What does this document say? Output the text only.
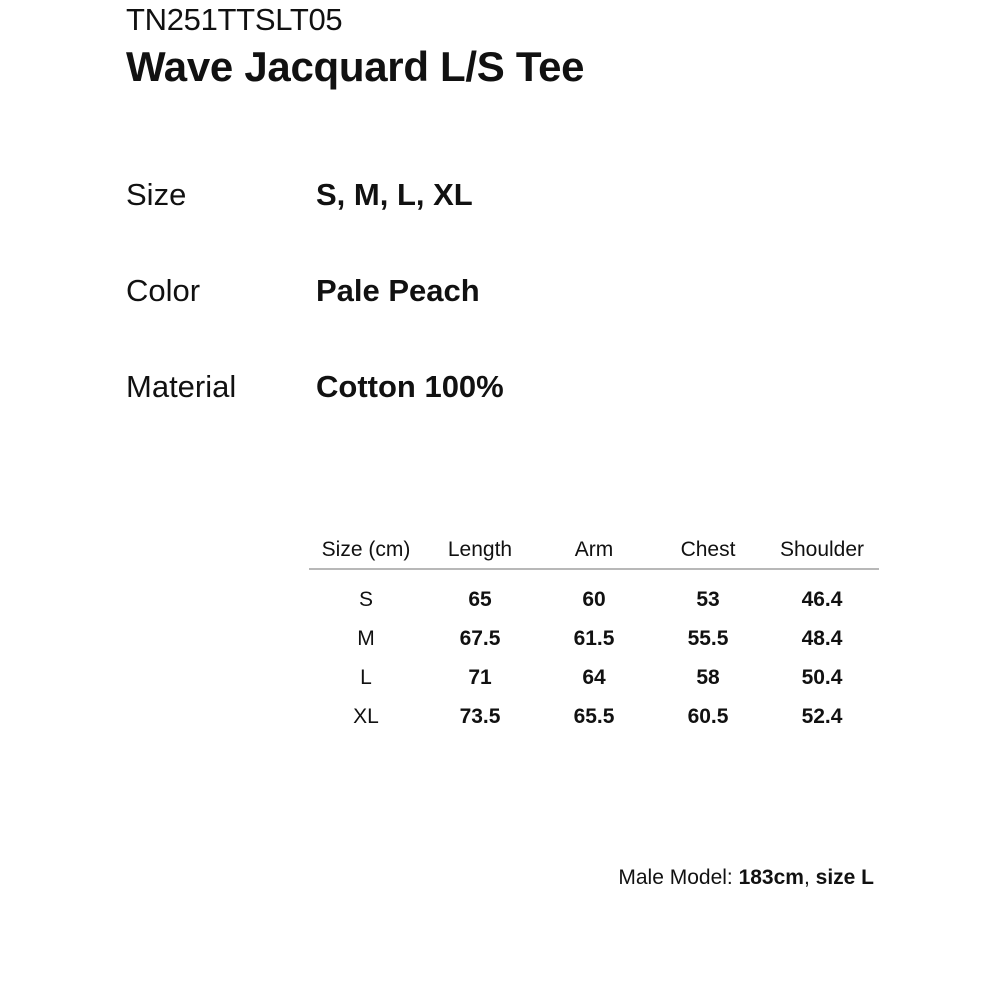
TN251TTSLT05
Wave Jacquard L/S Tee
Size	S, M, L, XL
Color	Pale Peach
Material	Cotton 100%
Size (cm)	Length	Arm	Chest	Shoulder
S	65	60	53	46.4
M	67.5	61.5	55.5	48.4
L	71	64	58	50.4
XL	73.5	65.5	60.5	52.4
Male Model: 183cm, size L
